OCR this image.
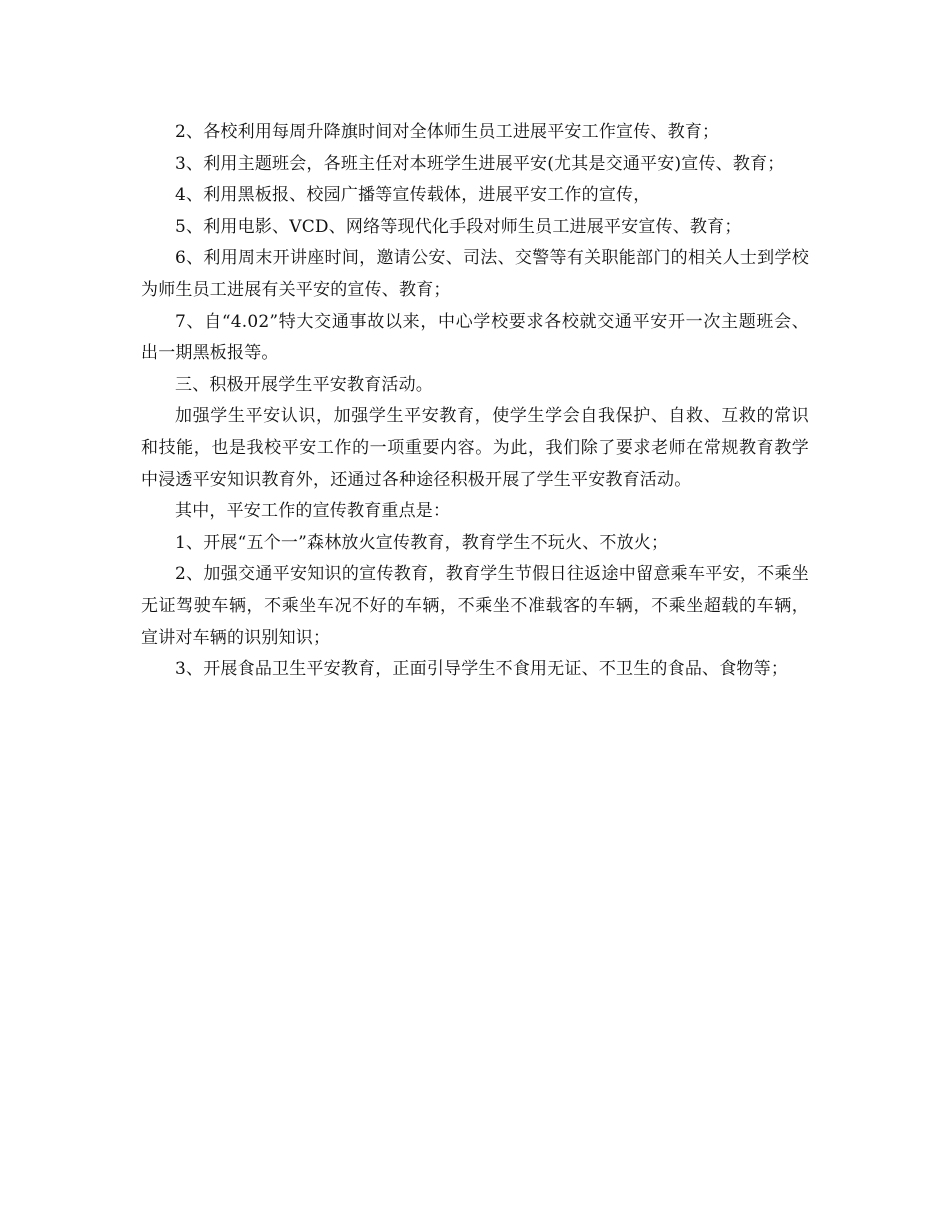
2、各校利用每周升降旗时间对全体师生员工进展平安工作宣传、教育；

3、利用主题班会，各班主任对本班学生进展平安(尤其是交通平安)宣传、教育；

4、利用黑板报、校园广播等宣传载体，进展平安工作的宣传，

5、利用电影、VCD、网络等现代化手段对师生员工进展平安宣传、教育；

6、利用周末开讲座时间，邀请公安、司法、交警等有关职能部门的相关人士到学校为师生员工进展有关平安的宣传、教育；

7、自“4.02”特大交通事故以来，中心学校要求各校就交通平安开一次主题班会、出一期黑板报等。

三、积极开展学生平安教育活动。

加强学生平安认识，加强学生平安教育，使学生学会自我保护、自救、互救的常识和技能，也是我校平安工作的一项重要内容。为此，我们除了要求老师在常规教育教学中浸透平安知识教育外，还通过各种途径积极开展了学生平安教育活动。

其中，平安工作的宣传教育重点是：

1、开展“五个一”森林放火宣传教育，教育学生不玩火、不放火；

2、加强交通平安知识的宣传教育，教育学生节假日往返途中留意乘车平安，不乘坐无证驾驶车辆，不乘坐车况不好的车辆，不乘坐不准载客的车辆，不乘坐超载的车辆，宣讲对车辆的识别知识；

3、开展食品卫生平安教育，正面引导学生不食用无证、不卫生的食品、食物等；
